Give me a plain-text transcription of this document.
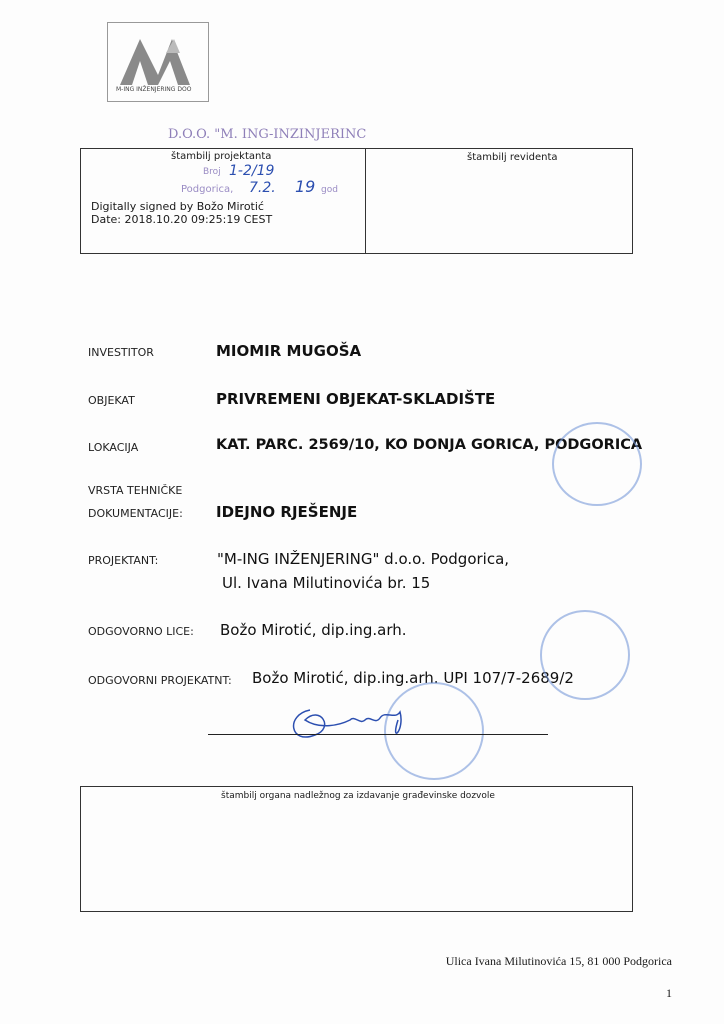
M-ING INŽENJERING DOO
D.O.O. "M. ING-INZINJERINC
štambilj projektanta
Broj 1-2/19
Podgorica, 7.2. 19 god
Digitally signed by Božo Mirotić
Date: 2018.10.20 09:25:19 CEST
štambilj revidenta
INVESTITOR	MIOMIR MUGOŠA
OBJEKAT	PRIVREMENI OBJEKAT-SKLADIŠTE
LOKACIJA	KAT. PARC. 2569/10, KO DONJA GORICA, PODGORICA
VRSTA TEHNIČKE
DOKUMENTACIJE: IDEJNO RJEŠENJE
PROJEKTANT:	"M-ING INŽENJERING" d.o.o. Podgorica,
Ul. Ivana Milutinovića br. 15
ODGOVORNO LICE: Božo Mirotić, dip.ing.arh.
ODGOVORNI PROJEKATNT: Božo Mirotić, dip.ing.arh. UPI 107/7-2689/2
štambilj organa nadležnog za izdavanje građevinske dozvole
Ulica Ivana Milutinovića 15, 81 000 Podgorica
1
